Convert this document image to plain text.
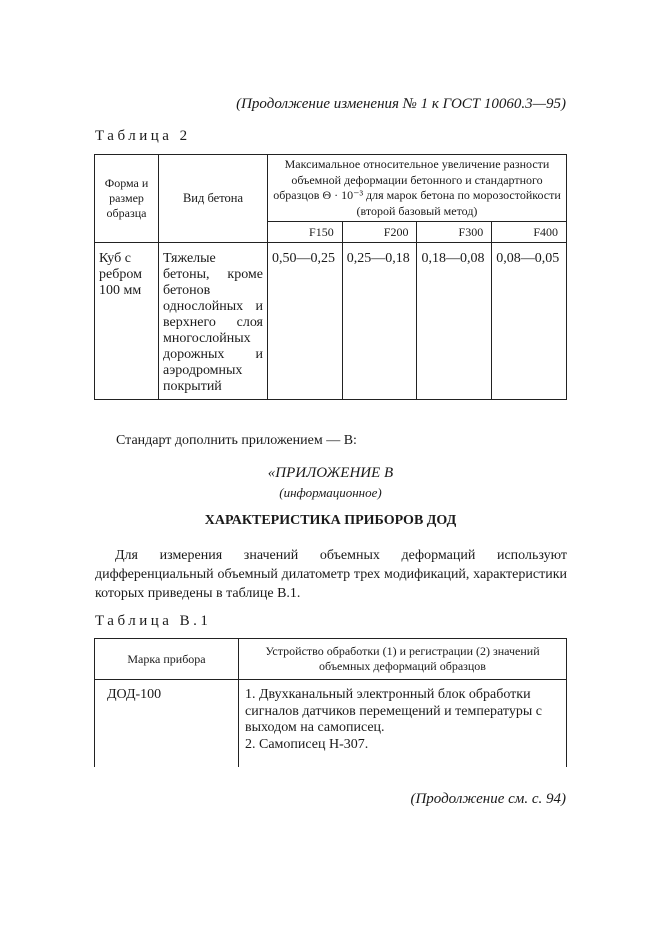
(Продолжение изменения № 1 к ГОСТ 10060.3—95)
Таблица 2
Форма и размер образца	Вид бетона	Максимальное относительное увеличение разности объемной деформации бетонного и стандартного образцов Θ · 10⁻³ для марок бетона по морозостойкости (второй базовый метод)			
		F150	F200	F300	F400
Куб с ребром 100 мм	Тяжелые бетоны, кроме бетонов однослойных и верхнего слоя многослойных дорожных и аэродромных покрытий	0,50—0,25	0,25—0,18	0,18—0,08	0,08—0,05
Стандарт дополнить приложением — В:
«ПРИЛОЖЕНИЕ В
(информационное)
ХАРАКТЕРИСТИКА ПРИБОРОВ ДОД
Для измерения значений объемных деформаций используют дифференциальный объемный дилатометр трех модификаций, характеристики которых приведены в таблице В.1.
Таблица В.1
Марка прибора	Устройство обработки (1) и регистрации (2) значений объемных деформаций образцов
ДОД-100	1. Двухканальный электронный блок обработки сигналов датчиков перемещений и температуры с выходом на самописец.
2. Самописец Н-307.
(Продолжение см. с. 94)
